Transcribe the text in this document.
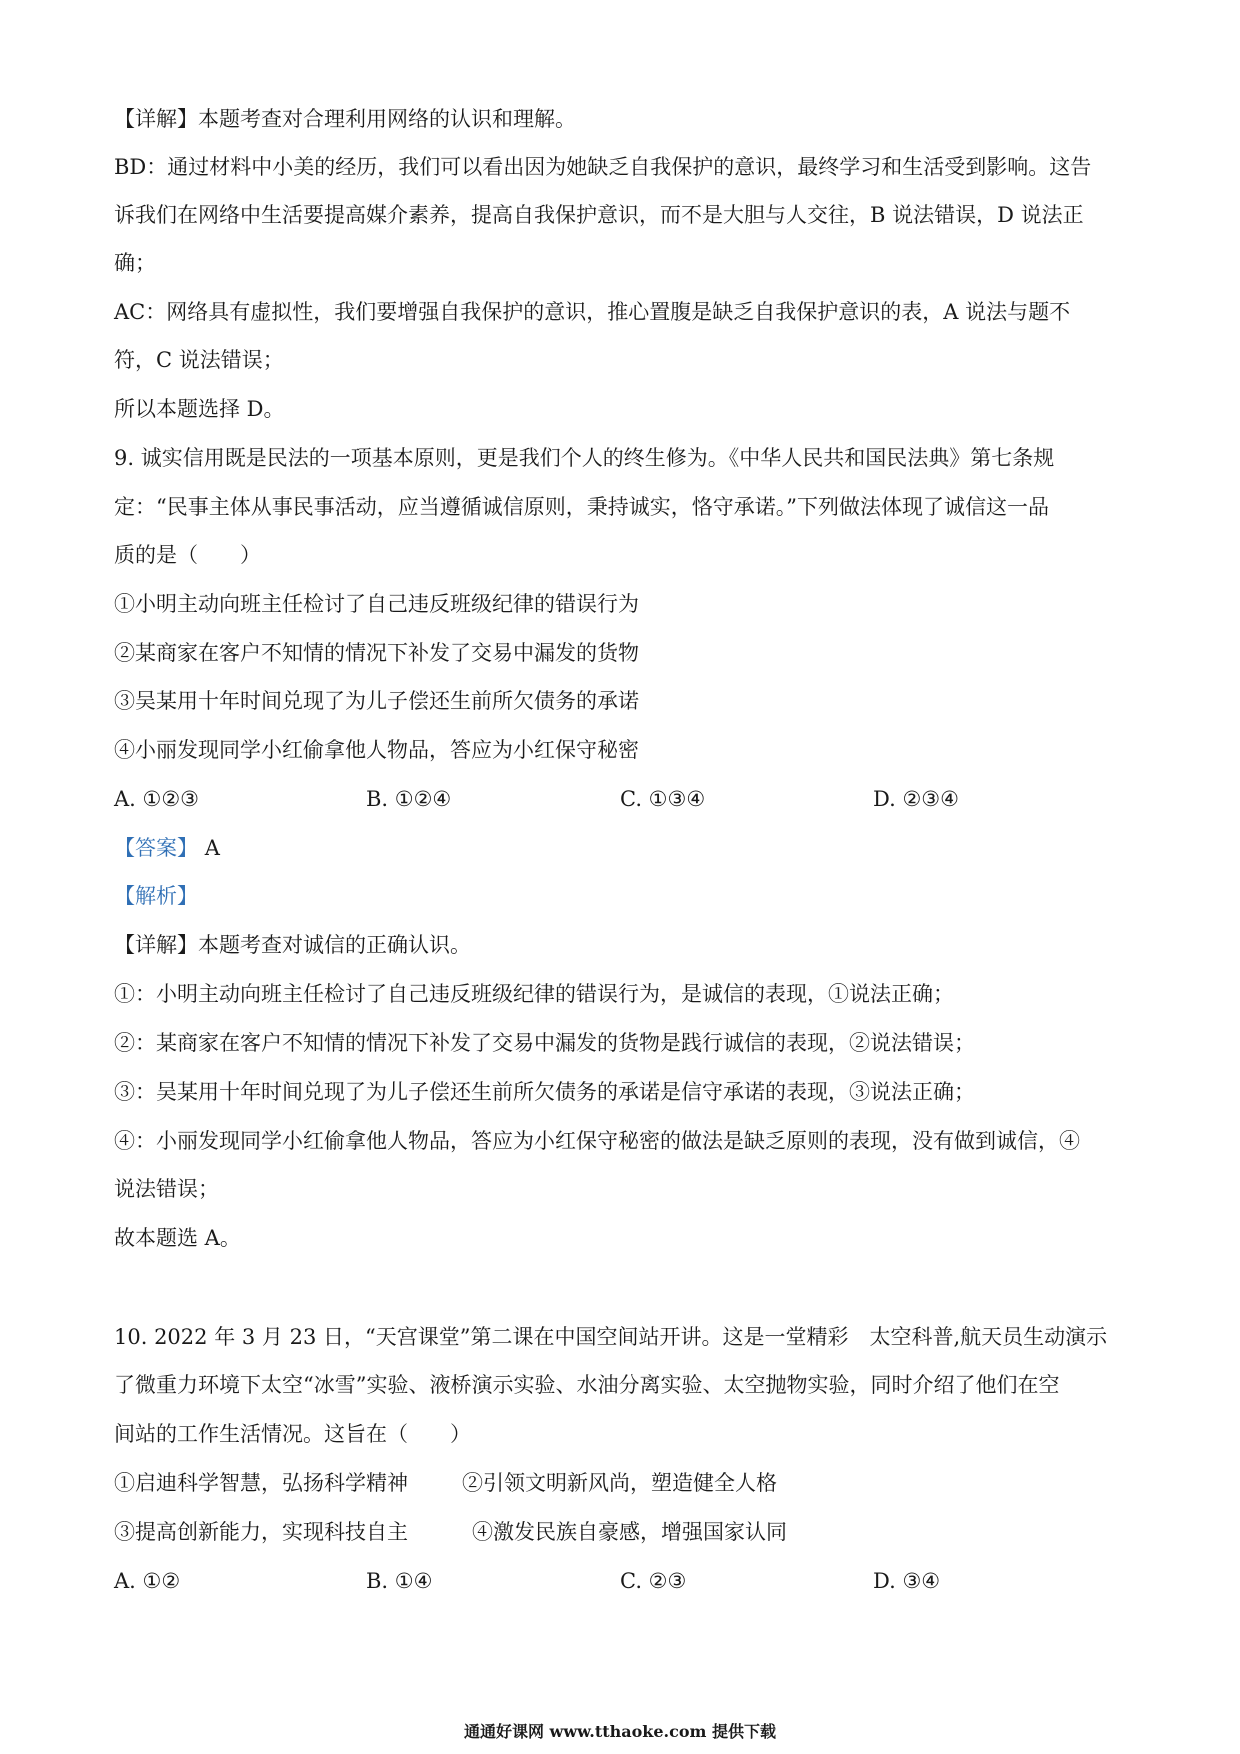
【详解】本题考查对合理利用网络的认识和理解。
BD：通过材料中小美的经历，我们可以看出因为她缺乏自我保护的意识，最终学习和生活受到影响。这告
诉我们在网络中生活要提高媒介素养，提高自我保护意识，而不是大胆与人交往，B 说法错误，D 说法正
确；
AC：网络具有虚拟性，我们要增强自我保护的意识，推心置腹是缺乏自我保护意识的表，A 说法与题不
符，C 说法错误；
所以本题选择 D。
9. 诚实信用既是民法的一项基本原则，更是我们个人的终生修为。《中华人民共和国民法典》第七条规
定：“民事主体从事民事活动，应当遵循诚信原则，秉持诚实，恪守承诺。”下列做法体现了诚信这一品
质的是（　　）
①小明主动向班主任检讨了自己违反班级纪律的错误行为
②某商家在客户不知情的情况下补发了交易中漏发的货物
③吴某用十年时间兑现了为儿子偿还生前所欠债务的承诺
④小丽发现同学小红偷拿他人物品，答应为小红保守秘密
A. ①②③	B. ①②④	C. ①③④	D. ②③④
【答案】 A
【解析】
【详解】本题考查对诚信的正确认识。
①：小明主动向班主任检讨了自己违反班级纪律的错误行为，是诚信的表现，①说法正确；
②：某商家在客户不知情的情况下补发了交易中漏发的货物是践行诚信的表现，②说法错误；
③：吴某用十年时间兑现了为儿子偿还生前所欠债务的承诺是信守承诺的表现，③说法正确；
④：小丽发现同学小红偷拿他人物品，答应为小红保守秘密的做法是缺乏原则的表现，没有做到诚信，④
说法错误；
故本题选 A。
10. 2022 年 3 月 23 日，“天宫课堂”第二课在中国空间站开讲。这是一堂精彩　太空科普,航天员生动演示
了微重力环境下太空“冰雪”实验、液桥演示实验、水油分离实验、太空抛物实验，同时介绍了他们在空
间站的工作生活情况。这旨在（　　）
①启迪科学智慧，弘扬科学精神	②引领文明新风尚，塑造健全人格
③提高创新能力，实现科技自主	④激发民族自豪感，增强国家认同
A. ①②	B. ①④	C. ②③	D. ③④
通通好课网 www.tthaoke.com 提供下载
